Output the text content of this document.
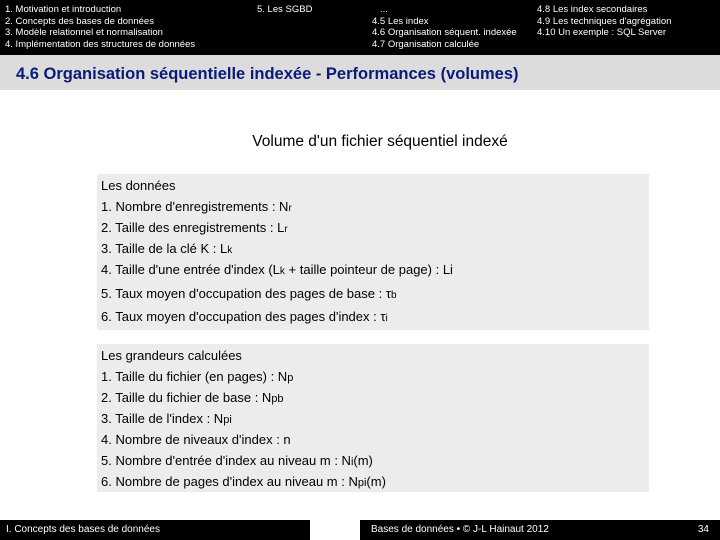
1. Motivation et introduction
2. Concepts des bases de données
3. Modèle relationnel et normalisation
4. Implémentation des structures de données
5. Les SGBD	...	4.8 Les index secondaires
4.5 Les index	4.9 Les techniques d'agrégation
4.6 Organisation séquent. indexée 4.10 Un exemple : SQL Server
4.7 Organisation calculée
4.6 Organisation séquentielle indexée - Performances (volumes)
Volume d'un fichier séquentiel indexé
Les données
1. Nombre d'enregistrements : Nr
2. Taille des enregistrements : Lr
3. Taille de la clé K : Lk
4. Taille d'une entrée d'index (Lk + taille pointeur de page) : Li
5. Taux moyen d'occupation des pages de base : τb
6. Taux moyen d'occupation des pages d'index : τi
Les grandeurs calculées
1. Taille du fichier (en pages) : Np
2. Taille du fichier de base : Npb
3. Taille de l'index : Npi
4. Nombre de niveaux d'index : n
5. Nombre d'entrée d'index au niveau m : Ni(m)
6. Nombre de pages d'index au niveau m : Npi(m)
I. Concepts des bases de données	Bases de données • © J-L Hainaut 2012	34
